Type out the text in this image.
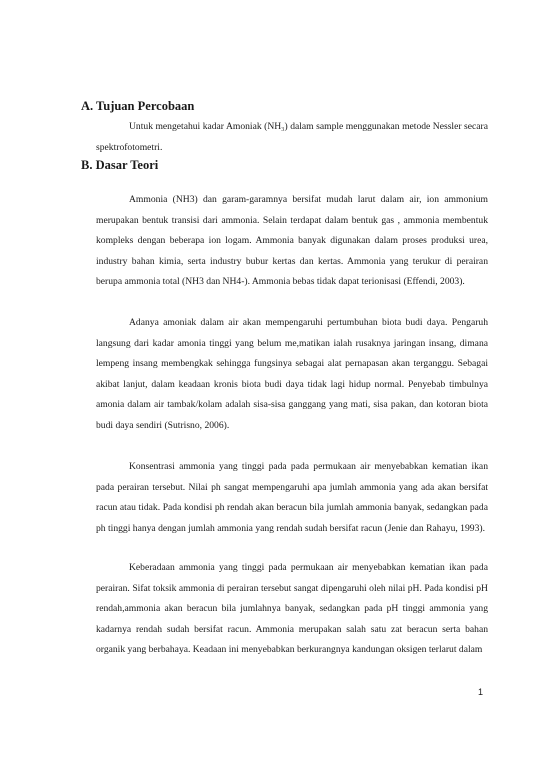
A. Tujuan Percobaan

Untuk mengetahui kadar Amoniak (NH₃) dalam sample menggunakan metode Nessler secara spektrofotometri.

B. Dasar Teori

Ammonia (NH3) dan garam-garamnya bersifat mudah larut dalam air, ion ammonium merupakan bentuk transisi dari ammonia. Selain terdapat dalam bentuk gas , ammonia membentuk kompleks dengan beberapa ion logam. Ammonia banyak digunakan dalam proses produksi urea, industry bahan kimia, serta industry bubur kertas dan kertas. Ammonia yang terukur di perairan berupa ammonia total (NH3 dan NH4-). Ammonia bebas tidak dapat terionisasi (Effendi, 2003).

Adanya amoniak dalam air akan mempengaruhi pertumbuhan biota budi daya. Pengaruh langsung dari kadar amonia tinggi yang belum me,matikan ialah rusaknya jaringan insang, dimana lempeng insang membengkak sehingga fungsinya sebagai alat pernapasan akan terganggu. Sebagai akibat lanjut, dalam keadaan kronis biota budi daya tidak lagi hidup normal. Penyebab timbulnya amonia dalam air tambak/kolam adalah sisa-sisa ganggang yang mati, sisa pakan, dan kotoran biota budi daya sendiri (Sutrisno, 2006).

Konsentrasi ammonia yang tinggi pada pada permukaan air menyebabkan kematian ikan pada perairan tersebut. Nilai ph sangat mempengaruhi apa jumlah ammonia yang ada akan bersifat racun atau tidak. Pada kondisi ph rendah akan beracun bila jumlah ammonia banyak, sedangkan pada ph tinggi hanya dengan jumlah ammonia yang rendah sudah bersifat racun (Jenie dan Rahayu, 1993).

Keberadaan ammonia yang tinggi pada permukaan air menyebabkan kematian ikan pada perairan. Sifat toksik ammonia di perairan tersebut sangat dipengaruhi oleh nilai pH. Pada kondisi pH rendah,ammonia akan beracun bila jumlahnya banyak, sedangkan pada pH tinggi ammonia yang kadarnya rendah sudah bersifat racun. Ammonia merupakan salah satu zat beracun serta bahan organik yang berbahaya. Keadaan ini menyebabkan berkurangnya kandungan oksigen terlarut dalam

1
